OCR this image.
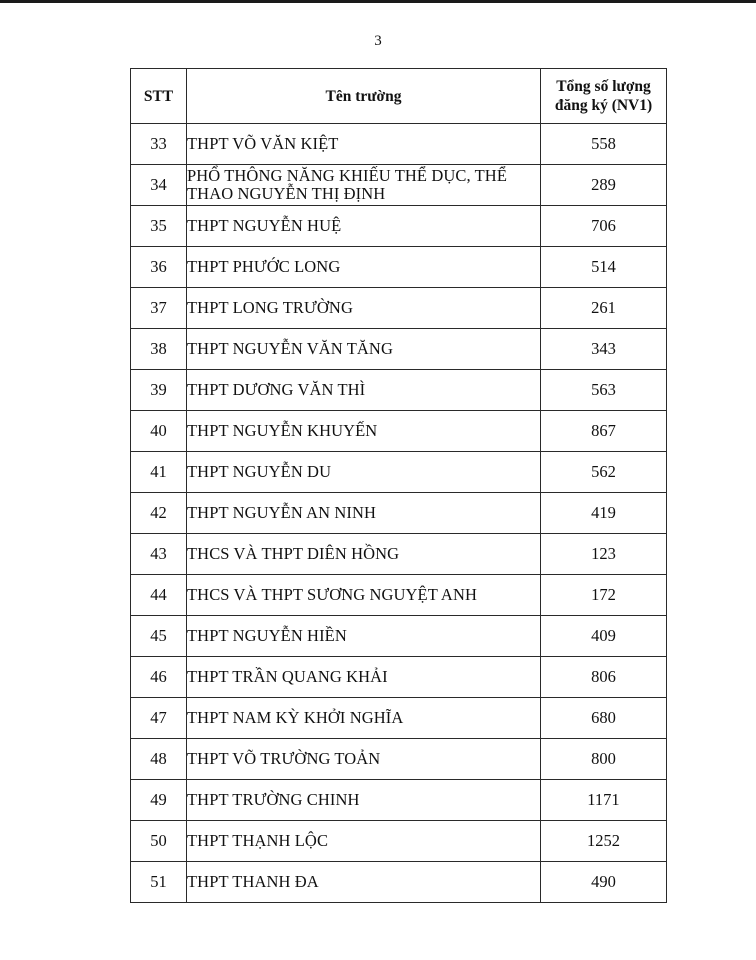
3
STT	Tên trường	Tổng số lượng
đăng ký (NV1)
33	THPT VÕ VĂN KIỆT	558
34	PHỔ THÔNG NĂNG KHIẾU THỂ DỤC, THỂ THAO NGUYỄN THỊ ĐỊNH	289
35	THPT NGUYỄN HUỆ	706
36	THPT PHƯỚC LONG	514
37	THPT LONG TRƯỜNG	261
38	THPT NGUYỄN VĂN TĂNG	343
39	THPT DƯƠNG VĂN THÌ	563
40	THPT NGUYỄN KHUYẾN	867
41	THPT NGUYỄN DU	562
42	THPT NGUYỄN AN NINH	419
43	THCS VÀ THPT DIÊN HỒNG	123
44	THCS VÀ THPT SƯƠNG NGUYỆT ANH	172
45	THPT NGUYỄN HIỀN	409
46	THPT TRẦN QUANG KHẢI	806
47	THPT NAM KỲ KHỞI NGHĨA	680
48	THPT VÕ TRƯỜNG TOẢN	800
49	THPT TRƯỜNG CHINH	1171
50	THPT THẠNH LỘC	1252
51	THPT THANH ĐA	490
